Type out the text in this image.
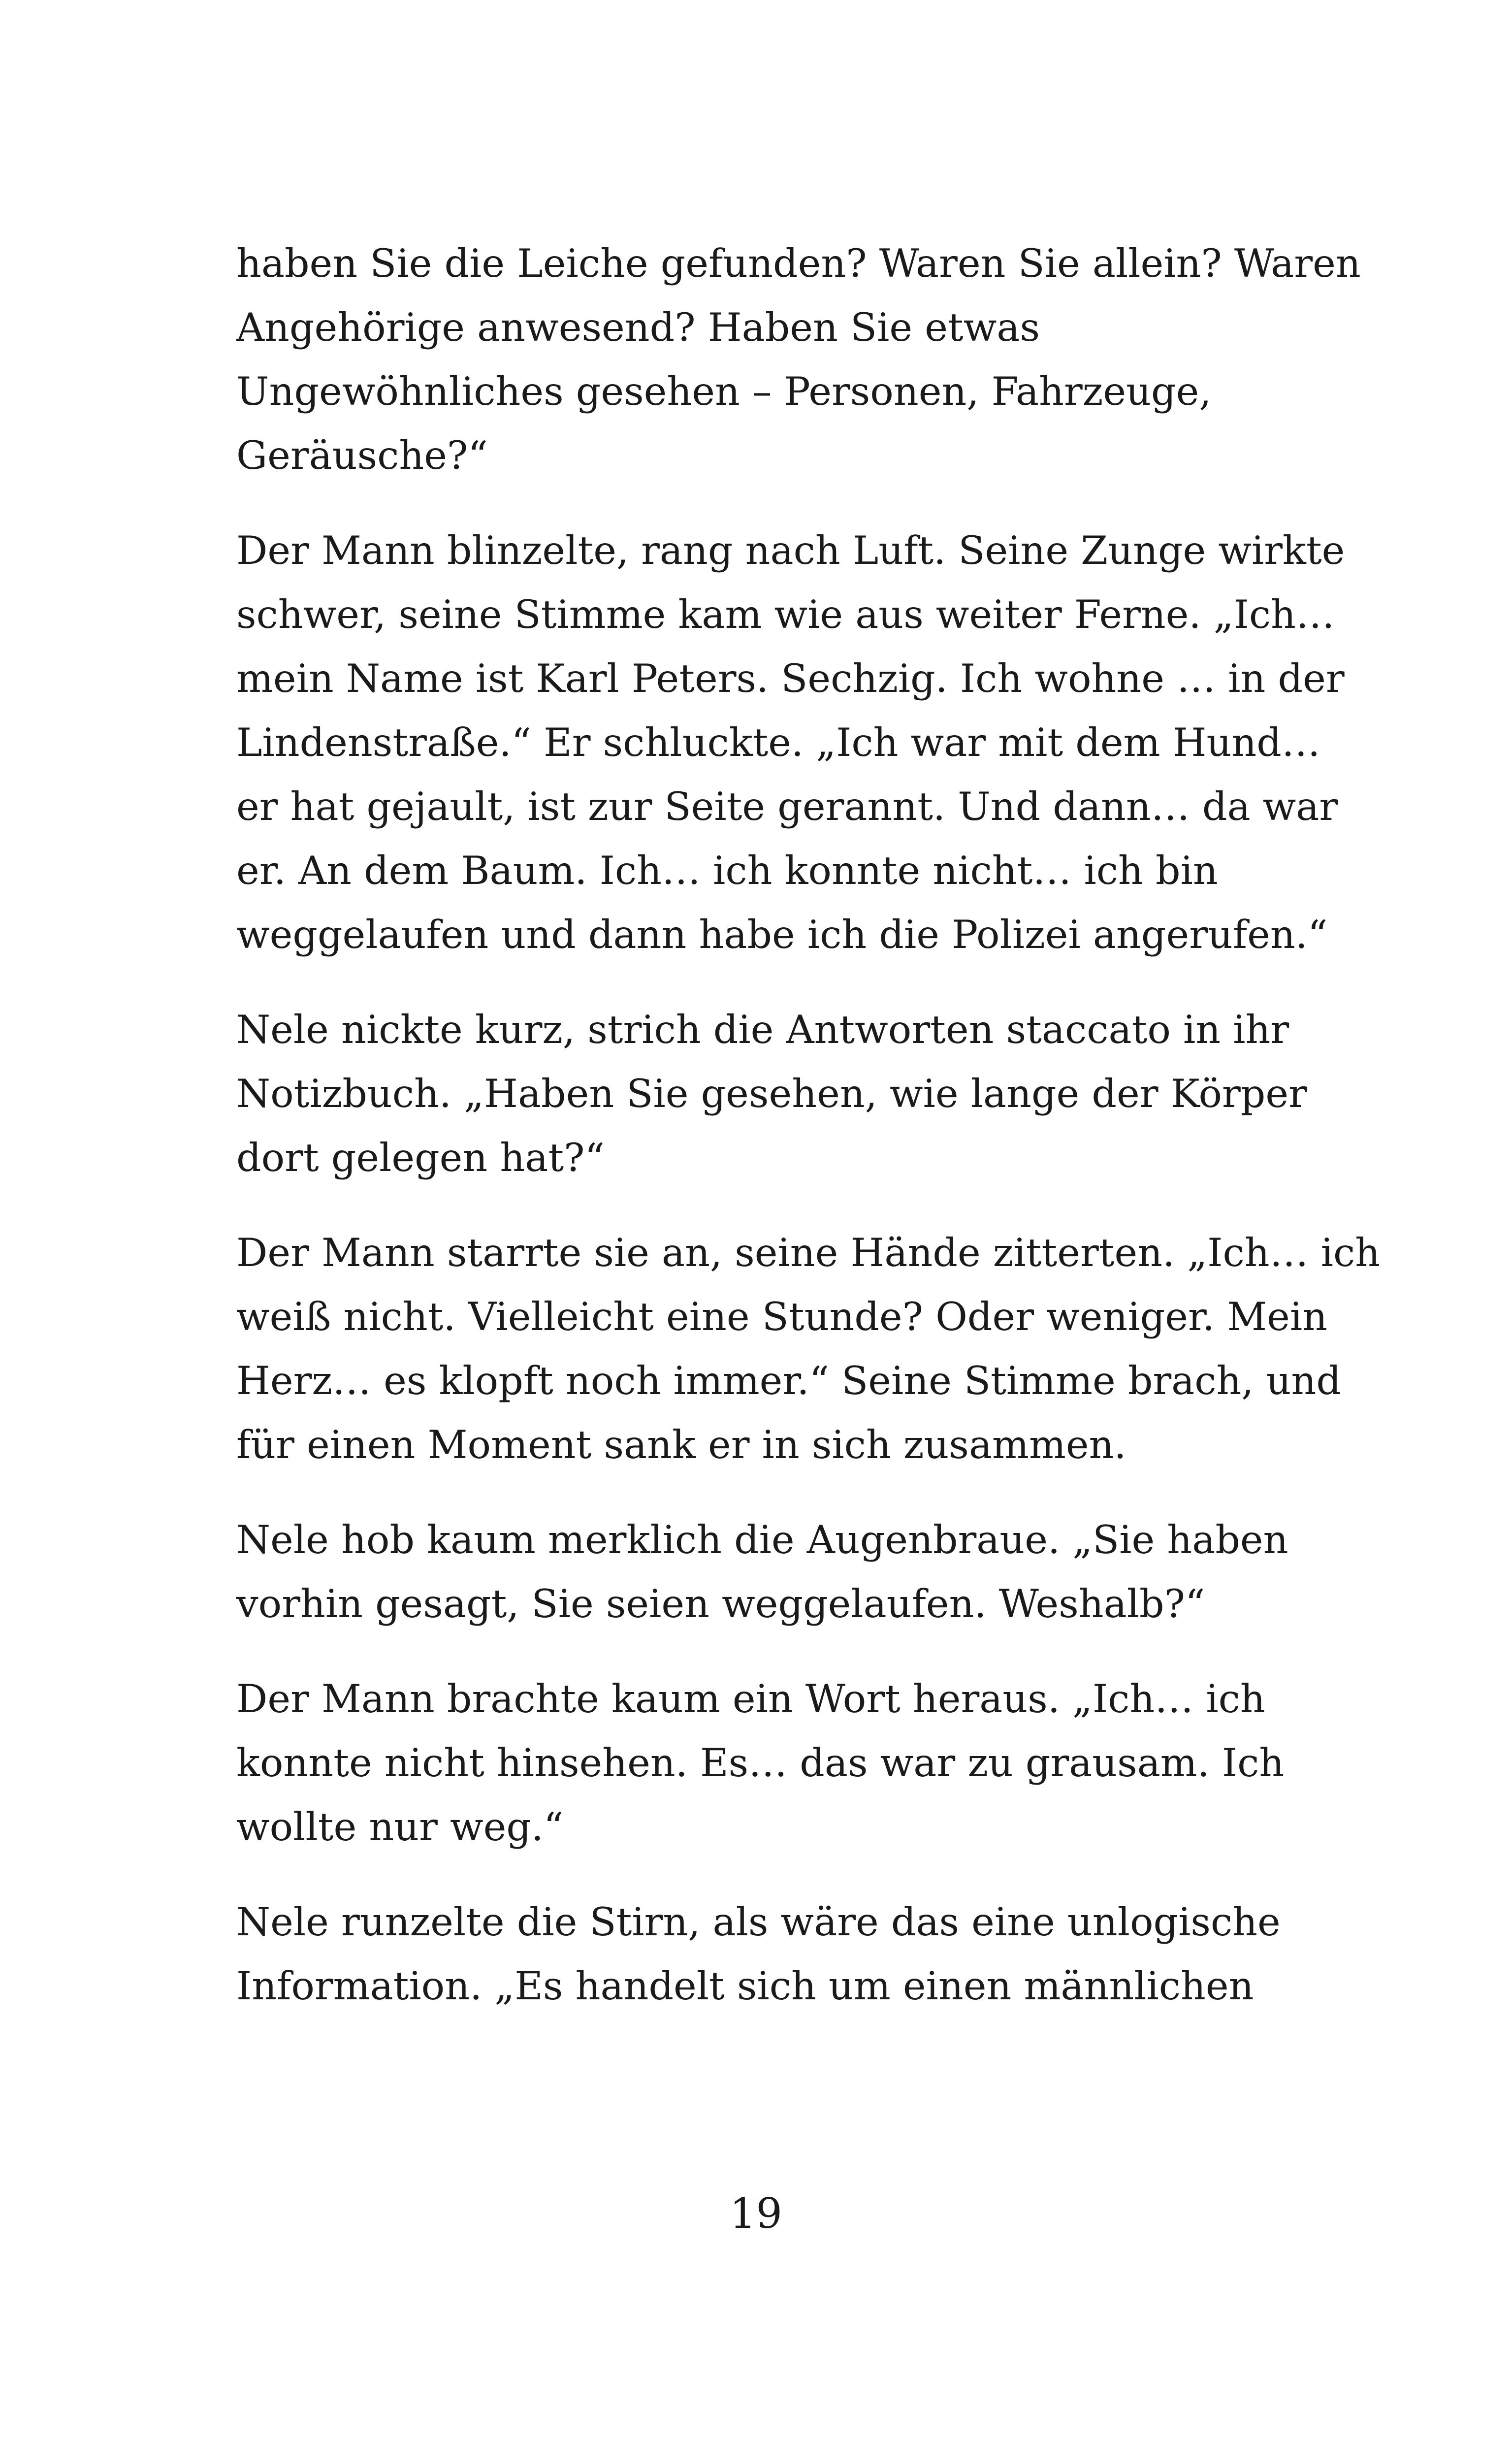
haben Sie die Leiche gefunden? Waren Sie allein? Waren
Angehörige anwesend? Haben Sie etwas
Ungewöhnliches gesehen – Personen, Fahrzeuge,
Geräusche?“

Der Mann blinzelte, rang nach Luft. Seine Zunge wirkte
schwer, seine Stimme kam wie aus weiter Ferne. „Ich…
mein Name ist Karl Peters. Sechzig. Ich wohne … in der
Lindenstraße.“ Er schluckte. „Ich war mit dem Hund…
er hat gejault, ist zur Seite gerannt. Und dann… da war
er. An dem Baum. Ich… ich konnte nicht… ich bin
weggelaufen und dann habe ich die Polizei angerufen.“

Nele nickte kurz, strich die Antworten staccato in ihr
Notizbuch. „Haben Sie gesehen, wie lange der Körper
dort gelegen hat?“

Der Mann starrte sie an, seine Hände zitterten. „Ich… ich
weiß nicht. Vielleicht eine Stunde? Oder weniger. Mein
Herz… es klopft noch immer.“ Seine Stimme brach, und
für einen Moment sank er in sich zusammen.

Nele hob kaum merklich die Augenbraue. „Sie haben
vorhin gesagt, Sie seien weggelaufen. Weshalb?“

Der Mann brachte kaum ein Wort heraus. „Ich… ich
konnte nicht hinsehen. Es… das war zu grausam. Ich
wollte nur weg.“

Nele runzelte die Stirn, als wäre das eine unlogische
Information. „Es handelt sich um einen männlichen

19
